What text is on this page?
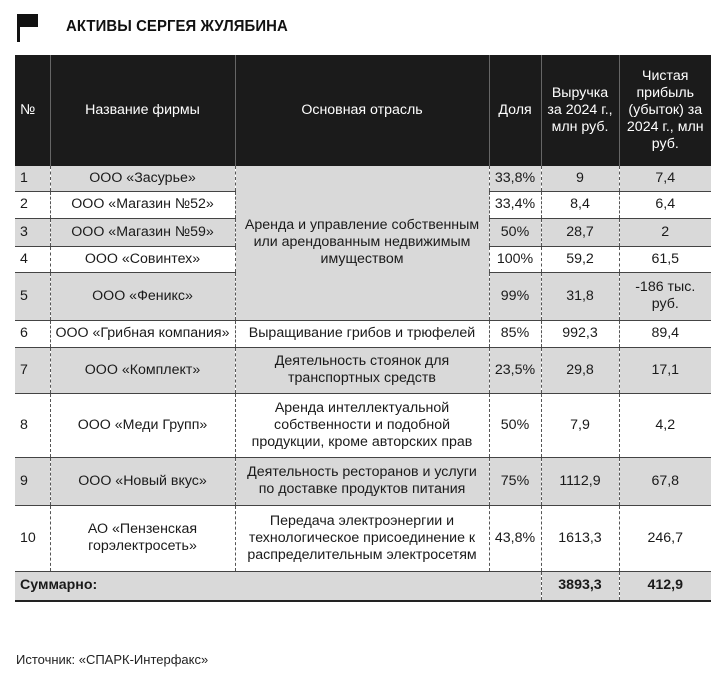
АКТИВЫ СЕРГЕЯ ЖУЛЯБИНА
№	Название фирмы	Основная отрасль	Доля	Выручка за 2024 г., млн руб.	Чистая прибыль (убыток) за 2024 г., млн руб.
1	ООО «Засурье»	Аренда и управление собственным или арендованным недвижимым имуществом	33,8%	9	7,4
2	ООО «Магазин №52»		33,4%	8,4	6,4
3	ООО «Магазин №59»		50%	28,7	2
4	ООО «Совинтех»		100%	59,2	61,5
5	ООО «Феникс»		99%	31,8	-186 тыс. руб.
6	ООО «Грибная компания»	Выращивание грибов и трюфелей	85%	992,3	89,4
7	ООО «Комплект»	Деятельность стоянок для транспортных средств	23,5%	29,8	17,1
8	ООО «Меди Групп»	Аренда интеллектуальной собственности и подобной продукции, кроме авторских прав	50%	7,9	4,2
9	ООО «Новый вкус»	Деятельность ресторанов и услуги по доставке продуктов питания	75%	1112,9	67,8
10	АО «Пензенская горэлектросеть»	Передача электроэнергии и технологическое присоединение к распределительным электросетям	43,8%	1613,3	246,7
Суммарно:				3893,3	412,9
Источник: «СПАРК-Интерфакс»
